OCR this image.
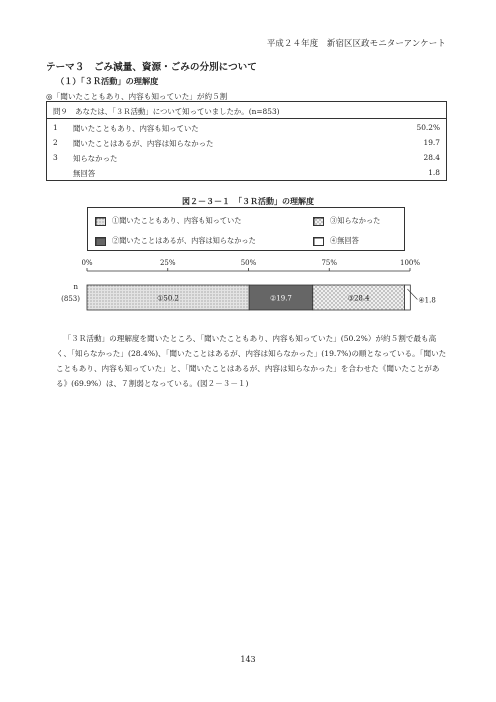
平成２４年度　新宿区区政モニターアンケート
テーマ３　ごみ減量、資源・ごみの分別について
（１）「３Ｒ活動」の理解度
◎「聞いたこともあり、内容も知っていた」が約５割
問９　あなたは、「３Ｒ活動」について知っていましたか。(n=853)
1 聞いたこともあり、内容も知っていた	50.2%
2 聞いたことはあるが、内容は知らなかった	19.7
3 知らなかった	28.4
無回答	1.8
図２－３－１　「３Ｒ活動」の理解度
①聞いたこともあり、内容も知っていた	③知らなかった
②聞いたことはあるが、内容は知らなかった	④無回答
0%	25%	50%	75%	100%
n
(853)	①50.2	②19.7	③28.4	④1.8

「３Ｒ活動」の理解度を聞いたところ、「聞いたこともあり、内容も知っていた」(50.2%）が約５割で最も高く、「知らなかった」(28.4%)、「聞いたことはあるが、内容は知らなかった」(19.7%)の順となっている。「聞いたこともあり、内容も知っていた」と、「聞いたことはあるが、内容は知らなかった」を合わせた《聞いたことがある》(69.9%）は、７割弱となっている。(図２－３－１)

143
